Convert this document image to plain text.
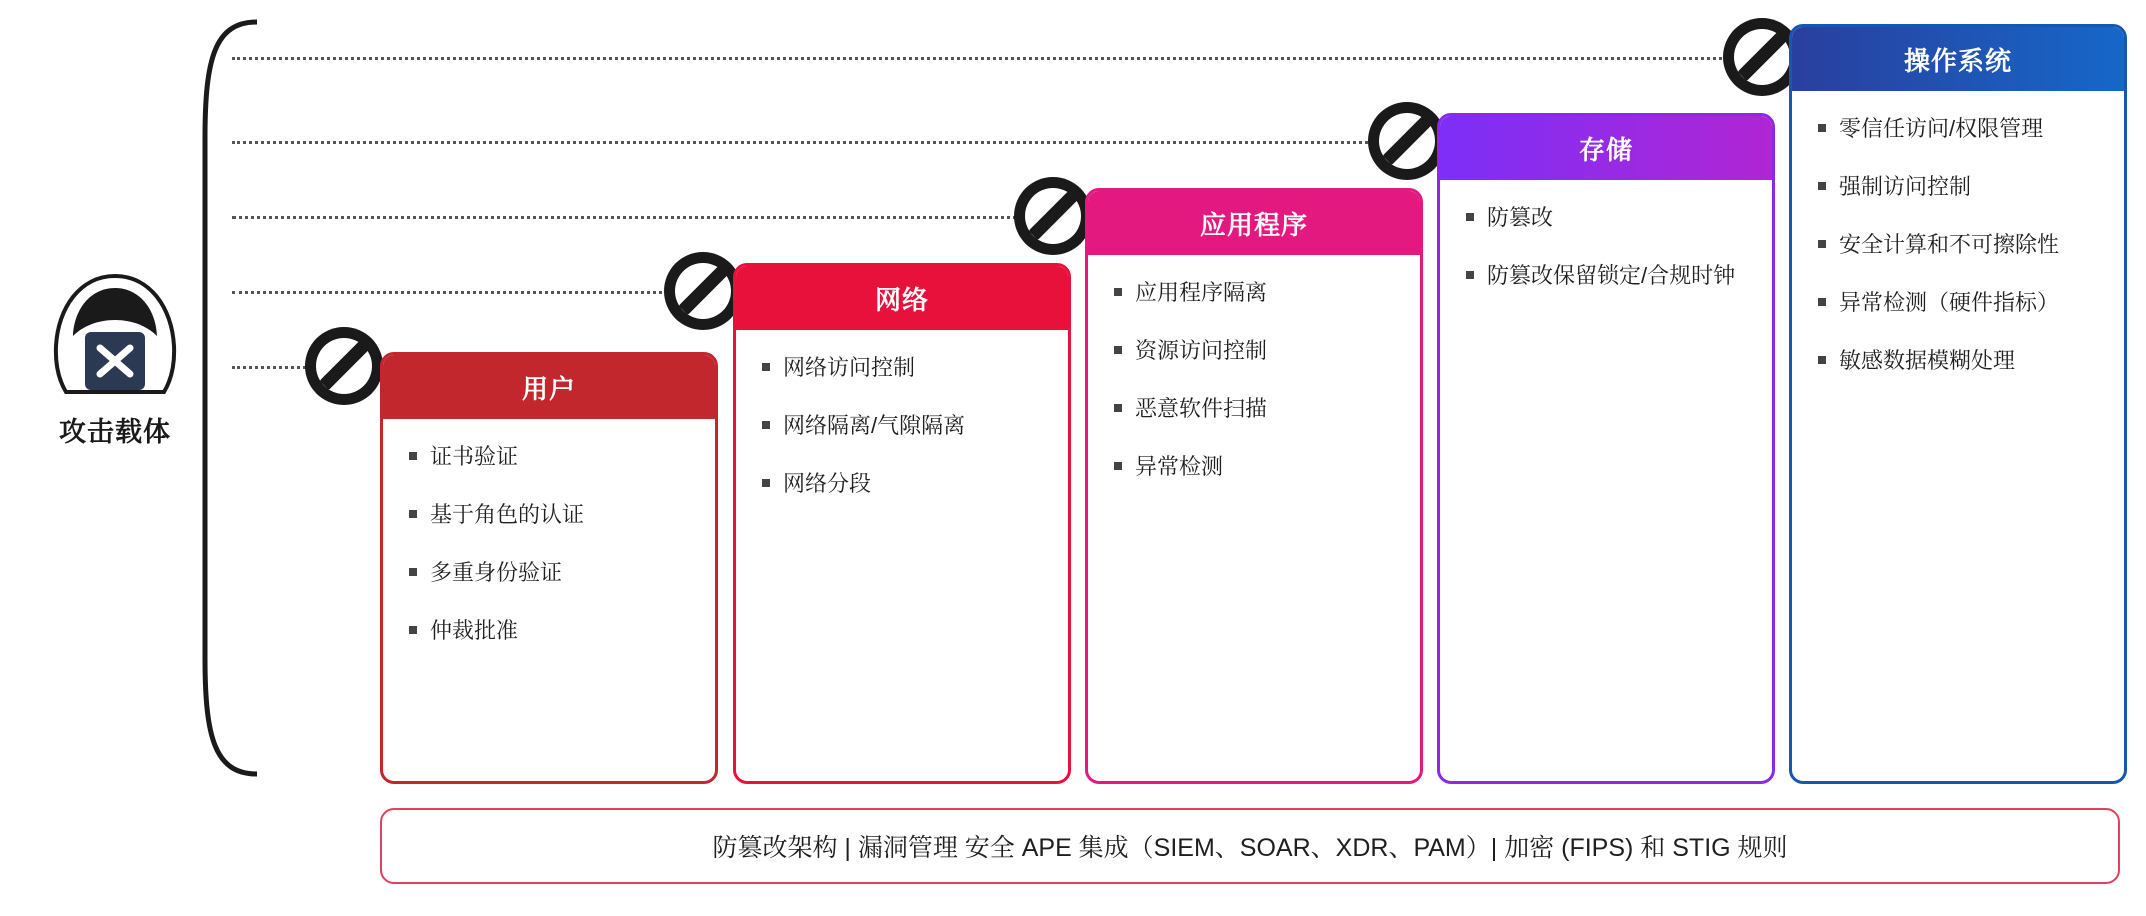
攻击载体
用户
证书验证
基于角色的认证
多重身份验证
仲裁批准
网络
网络访问控制
网络隔离/气隙隔离
网络分段
应用程序
应用程序隔离
资源访问控制
恶意软件扫描
异常检测
存储
防篡改
防篡改保留锁定/合规时钟
操作系统
零信任访问/权限管理
强制访问控制
安全计算和不可擦除性
异常检测（硬件指标）
敏感数据模糊处理
防篡改架构 | 漏洞管理 安全 APE 集成（SIEM、SOAR、XDR、PAM）| 加密 (FIPS) 和 STIG 规则
